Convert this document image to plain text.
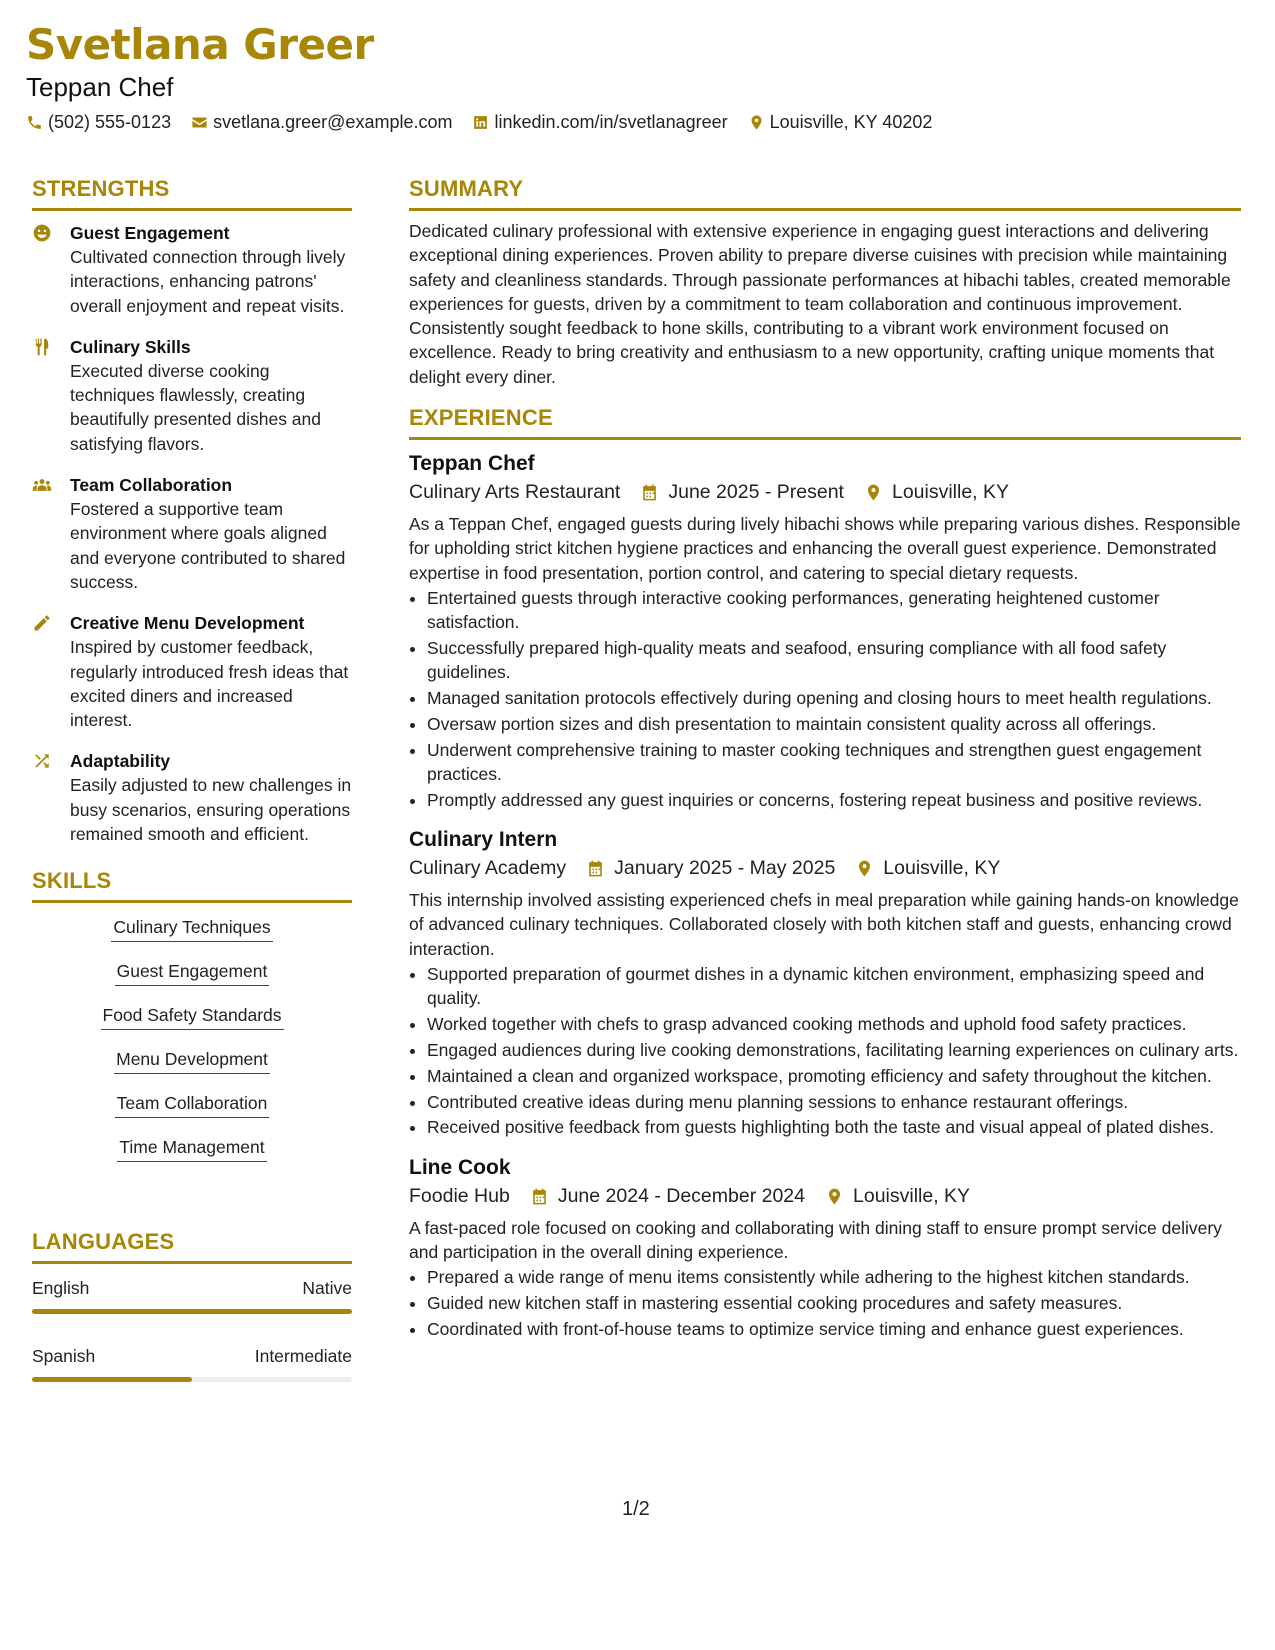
Svetlana Greer
Teppan Chef
(502) 555-0123 svetlana.greer@example.com linkedin.com/in/svetlanagreer Louisville, KY 40202
STRENGTHS
Guest Engagement
Cultivated connection through lively interactions, enhancing patrons' overall enjoyment and repeat visits.
Culinary Skills
Executed diverse cooking techniques flawlessly, creating beautifully presented dishes and satisfying flavors.
Team Collaboration
Fostered a supportive team environment where goals aligned and everyone contributed to shared success.
Creative Menu Development
Inspired by customer feedback, regularly introduced fresh ideas that excited diners and increased interest.
Adaptability
Easily adjusted to new challenges in busy scenarios, ensuring operations remained smooth and efficient.
SKILLS
Culinary Techniques
Guest Engagement
Food Safety Standards
Menu Development
Team Collaboration
Time Management
LANGUAGES
English	Native
Spanish	Intermediate
SUMMARY
Dedicated culinary professional with extensive experience in engaging guest interactions and delivering exceptional dining experiences. Proven ability to prepare diverse cuisines with precision while maintaining safety and cleanliness standards. Through passionate performances at hibachi tables, created memorable experiences for guests, driven by a commitment to team collaboration and continuous improvement. Consistently sought feedback to hone skills, contributing to a vibrant work environment focused on excellence. Ready to bring creativity and enthusiasm to a new opportunity, crafting unique moments that delight every diner.
EXPERIENCE
Teppan Chef
Culinary Arts Restaurant June 2025 - Present Louisville, KY
As a Teppan Chef, engaged guests during lively hibachi shows while preparing various dishes. Responsible for upholding strict kitchen hygiene practices and enhancing the overall guest experience. Demonstrated expertise in food presentation, portion control, and catering to special dietary requests.
• Entertained guests through interactive cooking performances, generating heightened customer satisfaction.
• Successfully prepared high-quality meats and seafood, ensuring compliance with all food safety guidelines.
• Managed sanitation protocols effectively during opening and closing hours to meet health regulations.
• Oversaw portion sizes and dish presentation to maintain consistent quality across all offerings.
• Underwent comprehensive training to master cooking techniques and strengthen guest engagement practices.
• Promptly addressed any guest inquiries or concerns, fostering repeat business and positive reviews.
Culinary Intern
Culinary Academy January 2025 - May 2025 Louisville, KY
This internship involved assisting experienced chefs in meal preparation while gaining hands-on knowledge of advanced culinary techniques. Collaborated closely with both kitchen staff and guests, enhancing crowd interaction.
• Supported preparation of gourmet dishes in a dynamic kitchen environment, emphasizing speed and quality.
• Worked together with chefs to grasp advanced cooking methods and uphold food safety practices.
• Engaged audiences during live cooking demonstrations, facilitating learning experiences on culinary arts.
• Maintained a clean and organized workspace, promoting efficiency and safety throughout the kitchen.
• Contributed creative ideas during menu planning sessions to enhance restaurant offerings.
• Received positive feedback from guests highlighting both the taste and visual appeal of plated dishes.
Line Cook
Foodie Hub June 2024 - December 2024 Louisville, KY
A fast-paced role focused on cooking and collaborating with dining staff to ensure prompt service delivery and participation in the overall dining experience.
• Prepared a wide range of menu items consistently while adhering to the highest kitchen standards.
• Guided new kitchen staff in mastering essential cooking procedures and safety measures.
• Coordinated with front-of-house teams to optimize service timing and enhance guest experiences.
1/2
